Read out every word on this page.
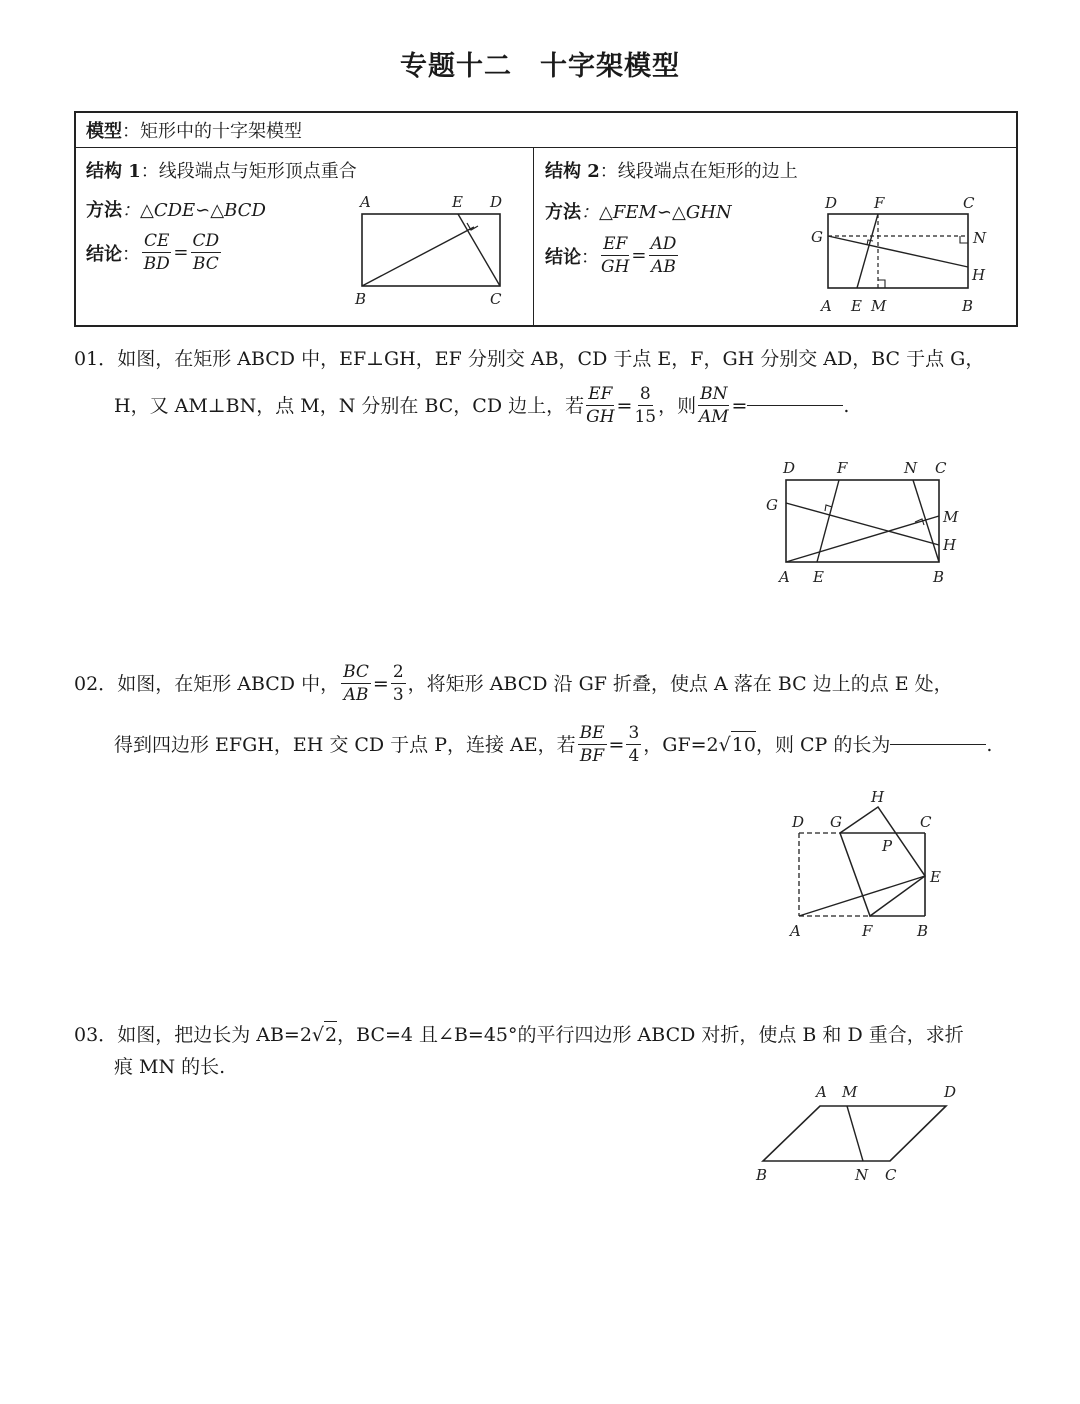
专题十二 十字架模型
模型：矩形中的十字架模型
结构 1：线段端点与矩形顶点重合
方法：△CDE∽△BCD
结论 ： $\frac{CE}{BD} = \frac{CD}{BC}$
A	E D
B	C
结构 2：线段端点在矩形的边上
方法：△FEM∽△GHN
结论 ： $\frac{EF}{GH} = \frac{AD}{AB}$
D F	C
G	N
H
A E M	B
01．如图，在矩形 ABCD 中，EF⊥GH，EF 分别交 AB，CD 于点 E，F，GH 分别交 AD，BC 于点 G，
H，又 AM⊥BN，点 M，N 分别在 BC，CD 边上，若 $\frac{EF}{GH} = \frac{8}{15}$ ，则 $\frac{BN}{AM}$ =	.
D	F	N C
G
M
H
A E	B
02． 如图，在矩形 ABCD 中， $\frac{BC}{AB} = \frac{2}{3}$ ，将矩形 ABCD 沿 GF 折叠，使点 A 落在 BC 边上的点 E 处，
得到四边形 EFGH，EH 交 CD 于点 P，连接 AE，若 $\frac{BE}{BF} = \frac{3}{4}$ ，GF=2 √ 10 ，则 CP 的长为	.
H
D G	C
P
E
A	F	B
03． 如图，把边长为 AB=2 √ 2 ，BC=4 且∠B=45°的平行四边形 ABCD 对折，使点 B 和 D 重合，求折
痕 MN 的长.
A M	D
B	N C
